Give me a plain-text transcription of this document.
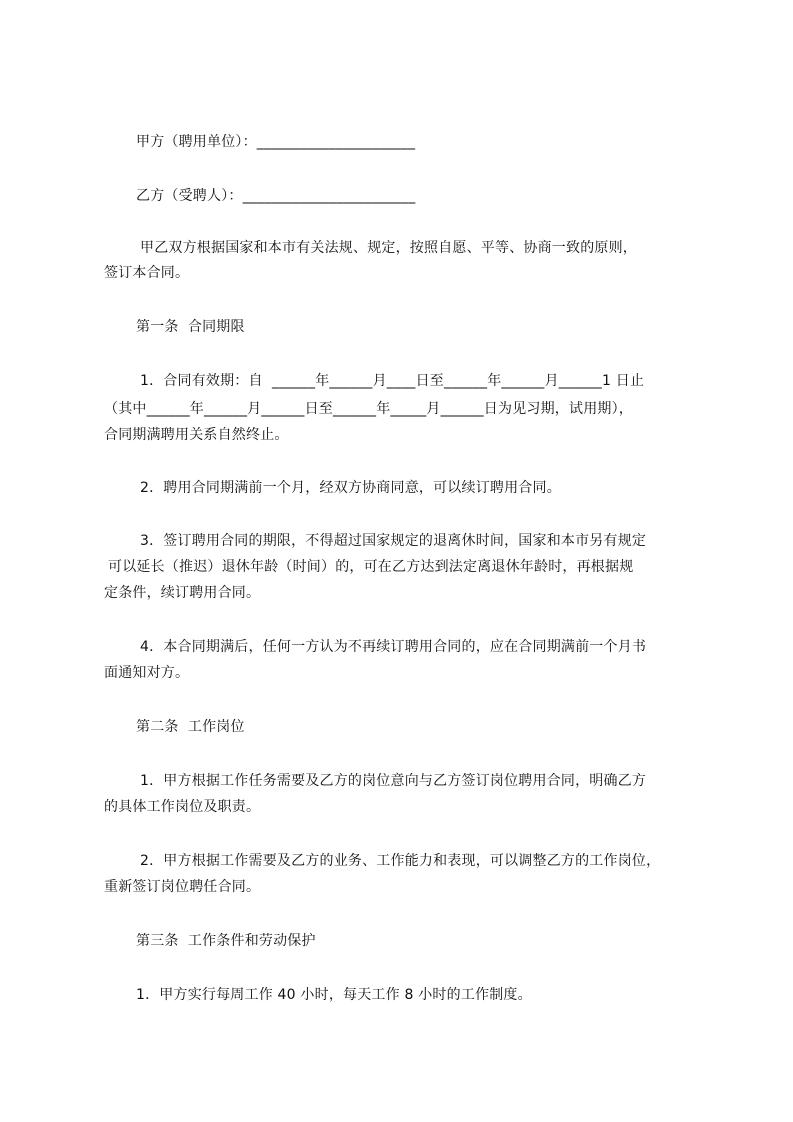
甲方（聘用单位）：______________________
乙方（受聘人）：________________________
甲乙双方根据国家和本市有关法规、规定，按照自愿、平等、协商一致的原则，
签订本合同。
第一条  合同期限
1．合同有效期：自  ______年______月____日至______年______月______1 日止
（其中______年______月______日至______年_____月______日为见习期，试用期），
合同期满聘用关系自然终止。
2．聘用合同期满前一个月，经双方协商同意，可以续订聘用合同。
3．签订聘用合同的期限，不得超过国家规定的退离休时间，国家和本市另有规定
可以延长（推迟）退休年龄（时间）的，可在乙方达到法定离退休年龄时，再根据规
定条件，续订聘用合同。
4．本合同期满后，任何一方认为不再续订聘用合同的，应在合同期满前一个月书
面通知对方。
第二条  工作岗位
1．甲方根据工作任务需要及乙方的岗位意向与乙方签订岗位聘用合同，明确乙方
的具体工作岗位及职责。
2．甲方根据工作需要及乙方的业务、工作能力和表现，可以调整乙方的工作岗位，
重新签订岗位聘任合同。
第三条  工作条件和劳动保护
1．甲方实行每周工作 40 小时，每天工作 8 小时的工作制度。
